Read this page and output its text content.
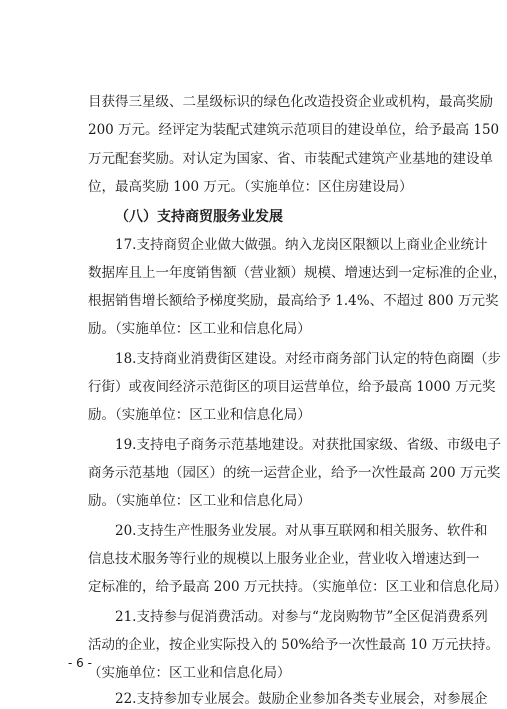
目获得三星级、二星级标识的绿色化改造投资企业或机构，最高奖励
200 万元。经评定为装配式建筑示范项目的建设单位，给予最高 150
万元配套奖励。对认定为国家、省、市装配式建筑产业基地的建设单
位，最高奖励 100 万元。（实施单位：区住房建设局）
（八）支持商贸服务业发展
17.支持商贸企业做大做强。纳入龙岗区限额以上商业企业统计
数据库且上一年度销售额（营业额）规模、增速达到一定标准的企业，
根据销售增长额给予梯度奖励，最高给予 1.4%、不超过 800 万元奖
励。（实施单位：区工业和信息化局）
18.支持商业消费街区建设。对经市商务部门认定的特色商圈（步
行街）或夜间经济示范街区的项目运营单位，给予最高 1000 万元奖
励。（实施单位：区工业和信息化局）
19.支持电子商务示范基地建设。对获批国家级、省级、市级电子
商务示范基地（园区）的统一运营企业，给予一次性最高 200 万元奖
励。（实施单位：区工业和信息化局）
20.支持生产性服务业发展。对从事互联网和相关服务、软件和
信息技术服务等行业的规模以上服务业企业，营业收入增速达到一
定标准的，给予最高 200 万元扶持。（实施单位：区工业和信息化局）
21.支持参与促消费活动。对参与“龙岗购物节”全区促消费系列
活动的企业，按企业实际投入的 50%给予一次性最高 10 万元扶持。
（实施单位：区工业和信息化局）
22.支持参加专业展会。鼓励企业参加各类专业展会，对参展企
- 6 -
